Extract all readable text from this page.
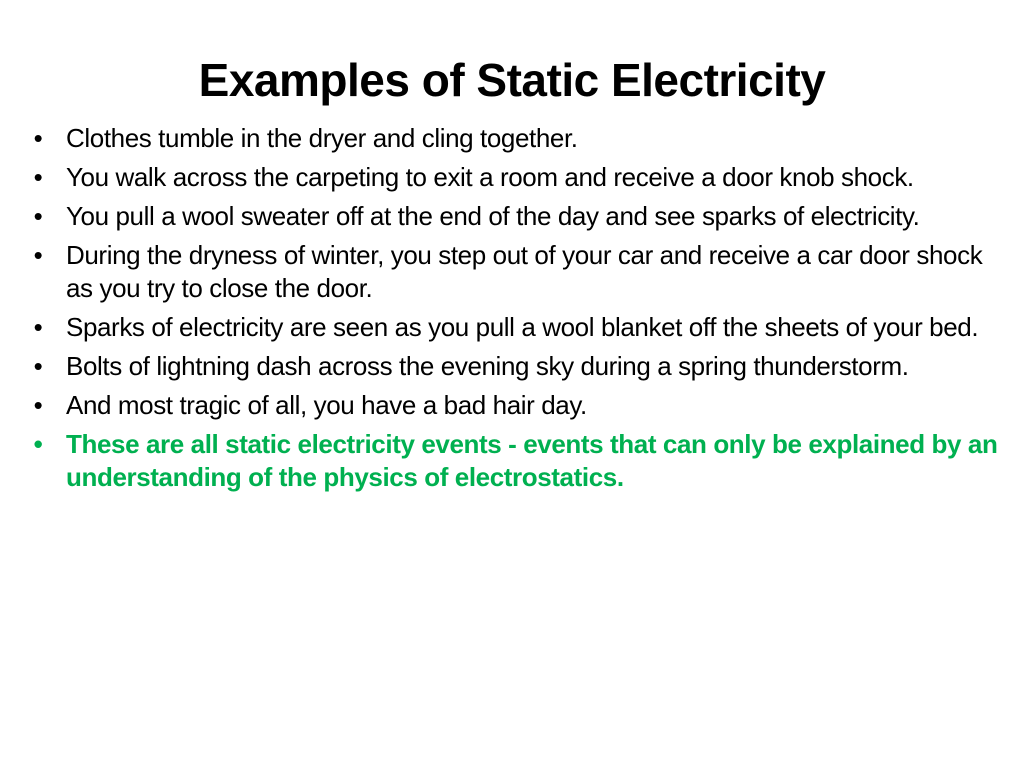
Examples of Static Electricity
• Clothes tumble in the dryer and cling together.
• You walk across the carpeting to exit a room and receive a door knob shock.
• You pull a wool sweater off at the end of the day and see sparks of electricity.
• During the dryness of winter, you step out of your car and receive a car door shock as you try to close the door.
• Sparks of electricity are seen as you pull a wool blanket off the sheets of your bed.
• Bolts of lightning dash across the evening sky during a spring thunderstorm.
• And most tragic of all, you have a bad hair day.
• These are all static electricity events - events that can only be explained by an understanding of the physics of electrostatics.
